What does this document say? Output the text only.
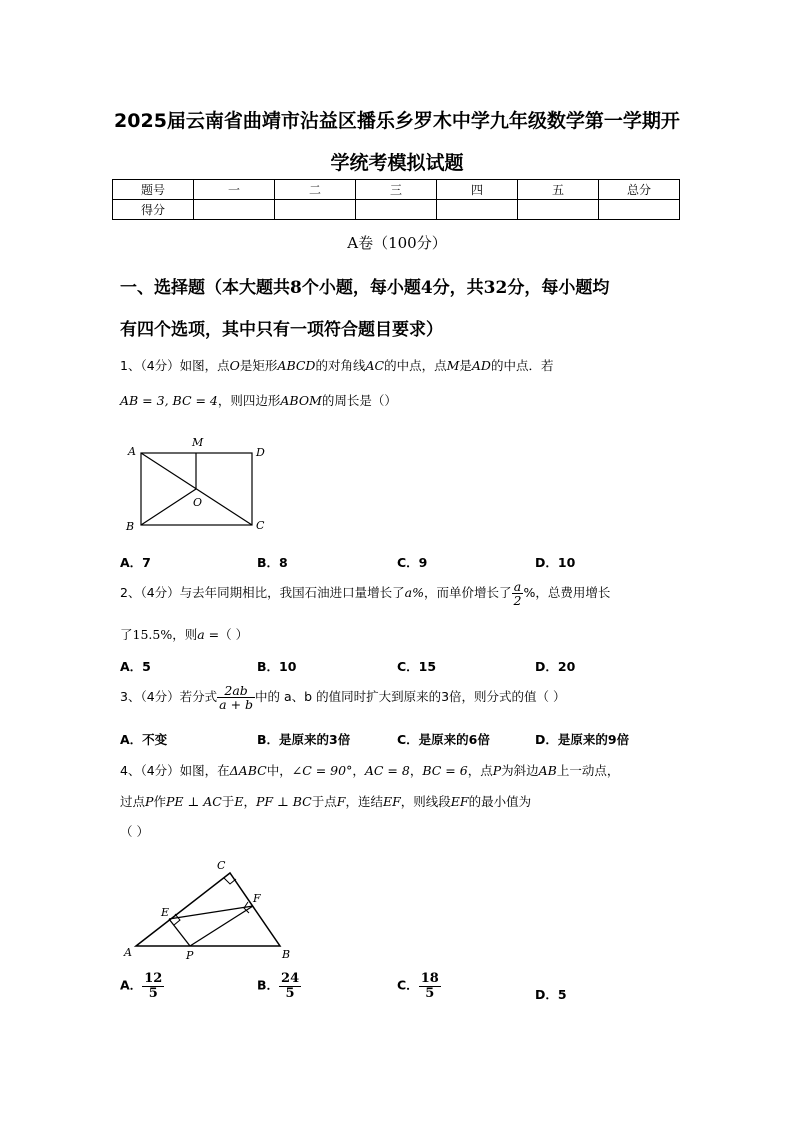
2025届云南省曲靖市沾益区播乐乡罗木中学九年级数学第一学期开
学统考模拟试题
题号	一	二	三	四	五	总分
得分						
A卷（100分）
一、选择题（本大题共8个小题，每小题4分，共32分，每小题均
有四个选项，其中只有一项符合题目要求）
1、（4分）如图，点O是矩形ABCD的对角线AC的中点，点M是AD的中点．若
AB = 3, BC = 4，则四边形ABOM的周长是（）
A
M
D
O
B	C
A．7	B．8	C．9	D．10
2、（4分）与去年同期相比，我国石油进口量增长了a%，而单价增长了 $\frac{a}{2}$ %，总费用增长
了15.5%，则a =（ ）
A．5	B．10	C．15	D．20
3、（4分）若分式 $\frac{2ab}{a + b}$ 中的 a、b 的值同时扩大到原来的3倍，则分式的值（ ）
A．不变	B．是原来的3倍	C．是原来的6倍	D．是原来的9倍
4、（4分）如图，在ΔABC中，∠C = 90°，AC = 8，BC = 6，点P为斜边AB上一动点，
过点P作PE ⊥ AC于E，PF ⊥ BC于点F，连结EF，则线段EF的最小值为
（ ）
C
E
F
A	P	B
A． $\frac{12}{5}$	B． $\frac{24}{5}$	C． $\frac{18}{5}$	D．5
